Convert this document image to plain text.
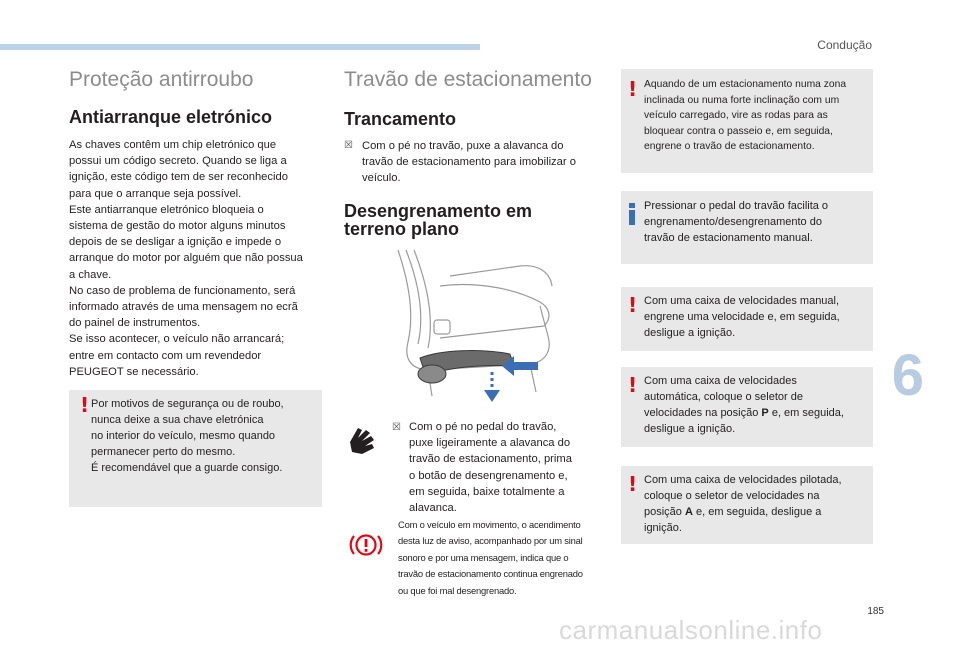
Condução
Proteção antirroubo
Antiarranque eletrónico
As chaves contêm um chip eletrónico que
possui um código secreto. Quando se liga a
ignição, este código tem de ser reconhecido
para que o arranque seja possível.
Este antiarranque eletrónico bloqueia o
sistema de gestão do motor alguns minutos
depois de se desligar a ignição e impede o
arranque do motor por alguém que não possua
a chave.
No caso de problema de funcionamento, será
informado através de uma mensagem no ecrã
do painel de instrumentos.
Se isso acontecer, o veículo não arrancará;
entre em contacto com um revendedor
PEUGEOT se necessário.
! Por motivos de segurança ou de roubo,
nunca deixe a sua chave eletrónica
no interior do veículo, mesmo quando
permanecer perto do mesmo.
É recomendável que a guarde consigo.
Travão de estacionamento
Trancamento
☒ Com o pé no travão, puxe a alavanca do
travão de estacionamento para imobilizar o
veículo.
Desengrenamento em
terreno plano
☒ Com o pé no pedal do travão,
puxe ligeiramente a alavanca do
travão de estacionamento, prima
o botão de desengrenamento e,
em seguida, baixe totalmente a
alavanca.
Com o veículo em movimento, o acendimento
desta luz de aviso, acompanhado por um sinal
sonoro e por uma mensagem, indica que o
travão de estacionamento continua engrenado
ou que foi mal desengrenado.
! Aquando de um estacionamento numa zona
inclinada ou numa forte inclinação com um
veículo carregado, vire as rodas para as
bloquear contra o passeio e, em seguida,
engrene o travão de estacionamento.
Pressionar o pedal do travão facilita o
engrenamento/desengrenamento do
travão de estacionamento manual.
! Com uma caixa de velocidades manual,
engrene uma velocidade e, em seguida,
desligue a ignição.
! Com uma caixa de velocidades
automática, coloque o seletor de
velocidades na posição P e, em seguida,
desligue a ignição.
! Com uma caixa de velocidades pilotada,
coloque o seletor de velocidades na
posição A e, em seguida, desligue a
ignição.
6
185
carmanualsonline.info
